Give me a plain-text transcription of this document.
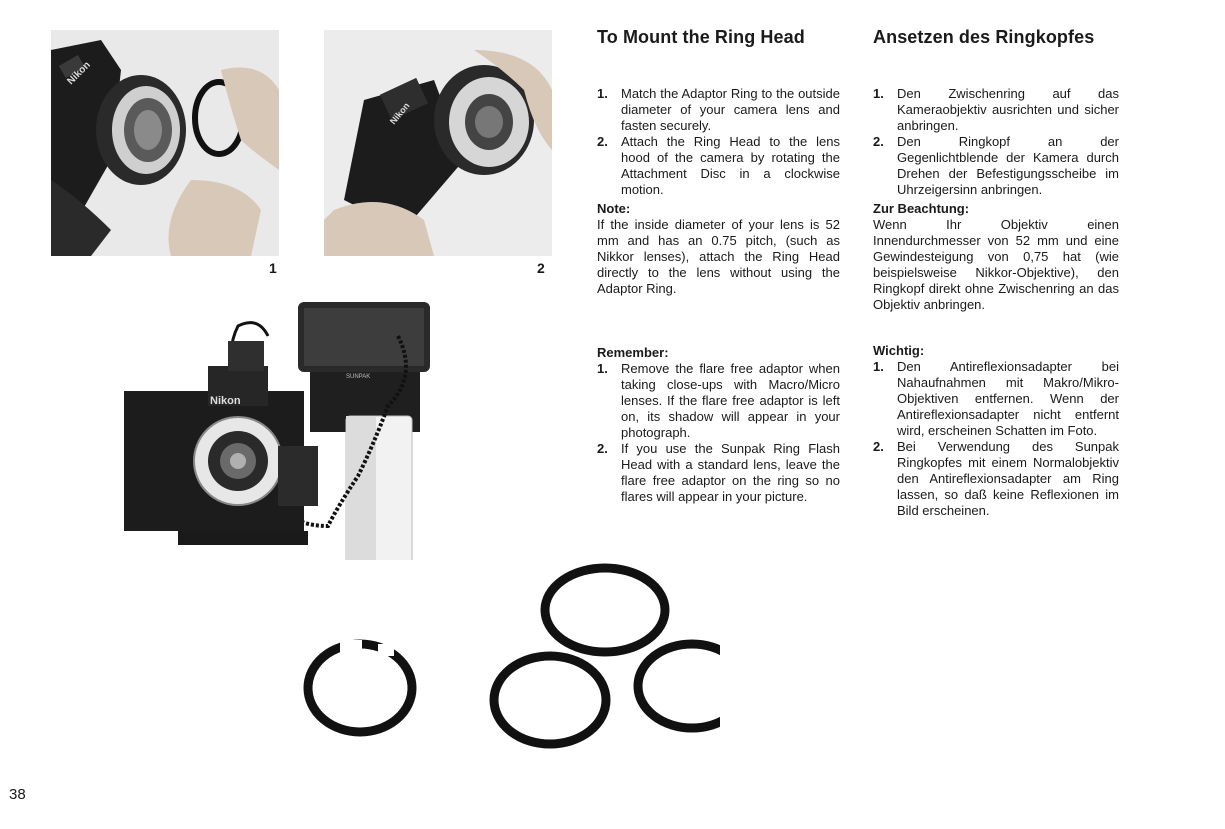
Nikon
1
Nikon
2
SUNPAK
Nikon
To Mount the Ring Head
1. Match the Adaptor Ring to the outside diameter of your camera lens and fasten securely.
2. Attach the Ring Head to the lens hood of the camera by rotating the Attachment Disc in a clockwise motion.
Note:

If the inside diameter of your lens is 52 mm and has an 0.75 pitch, (such as Nikkor lenses), attach the Ring Head directly to the lens without using the Adaptor Ring.

Remember:
1. Remove the flare free adaptor when taking close-ups with Macro/Micro lenses. If the flare free adaptor is left on, its shadow will appear in your photograph.
2. If you use the Sunpak Ring Flash Head with a standard lens, leave the flare free adaptor on the ring so no flares will appear in your picture.
Ansetzen des Ringkopfes
1. Den Zwischenring auf das Kameraobjektiv ausrichten und sicher anbringen.
2. Den Ringkopf an der Gegenlichtblende der Kamera durch Drehen der Befestigungsscheibe im Uhrzeigersinn anbringen.
Zur Beachtung:

Wenn Ihr Objektiv einen Innendurchmesser von 52 mm und eine Gewindesteigung von 0,75 hat (wie beispielsweise Nikkor-Objektive), den Ringkopf direkt ohne Zwischenring an das Objektiv anbringen.

Wichtig:
1. Den Antireflexionsadapter bei Nahaufnahmen mit Makro/Mikro-Objektiven entfernen. Wenn der Antireflexionsadapter nicht entfernt wird, erscheinen Schatten im Foto.
2. Bei Verwendung des Sunpak Ringkopfes mit einem Normalobjektiv den Antireflexionsadapter am Ring lassen, so daß keine Reflexionen im Bild erscheinen.
38
